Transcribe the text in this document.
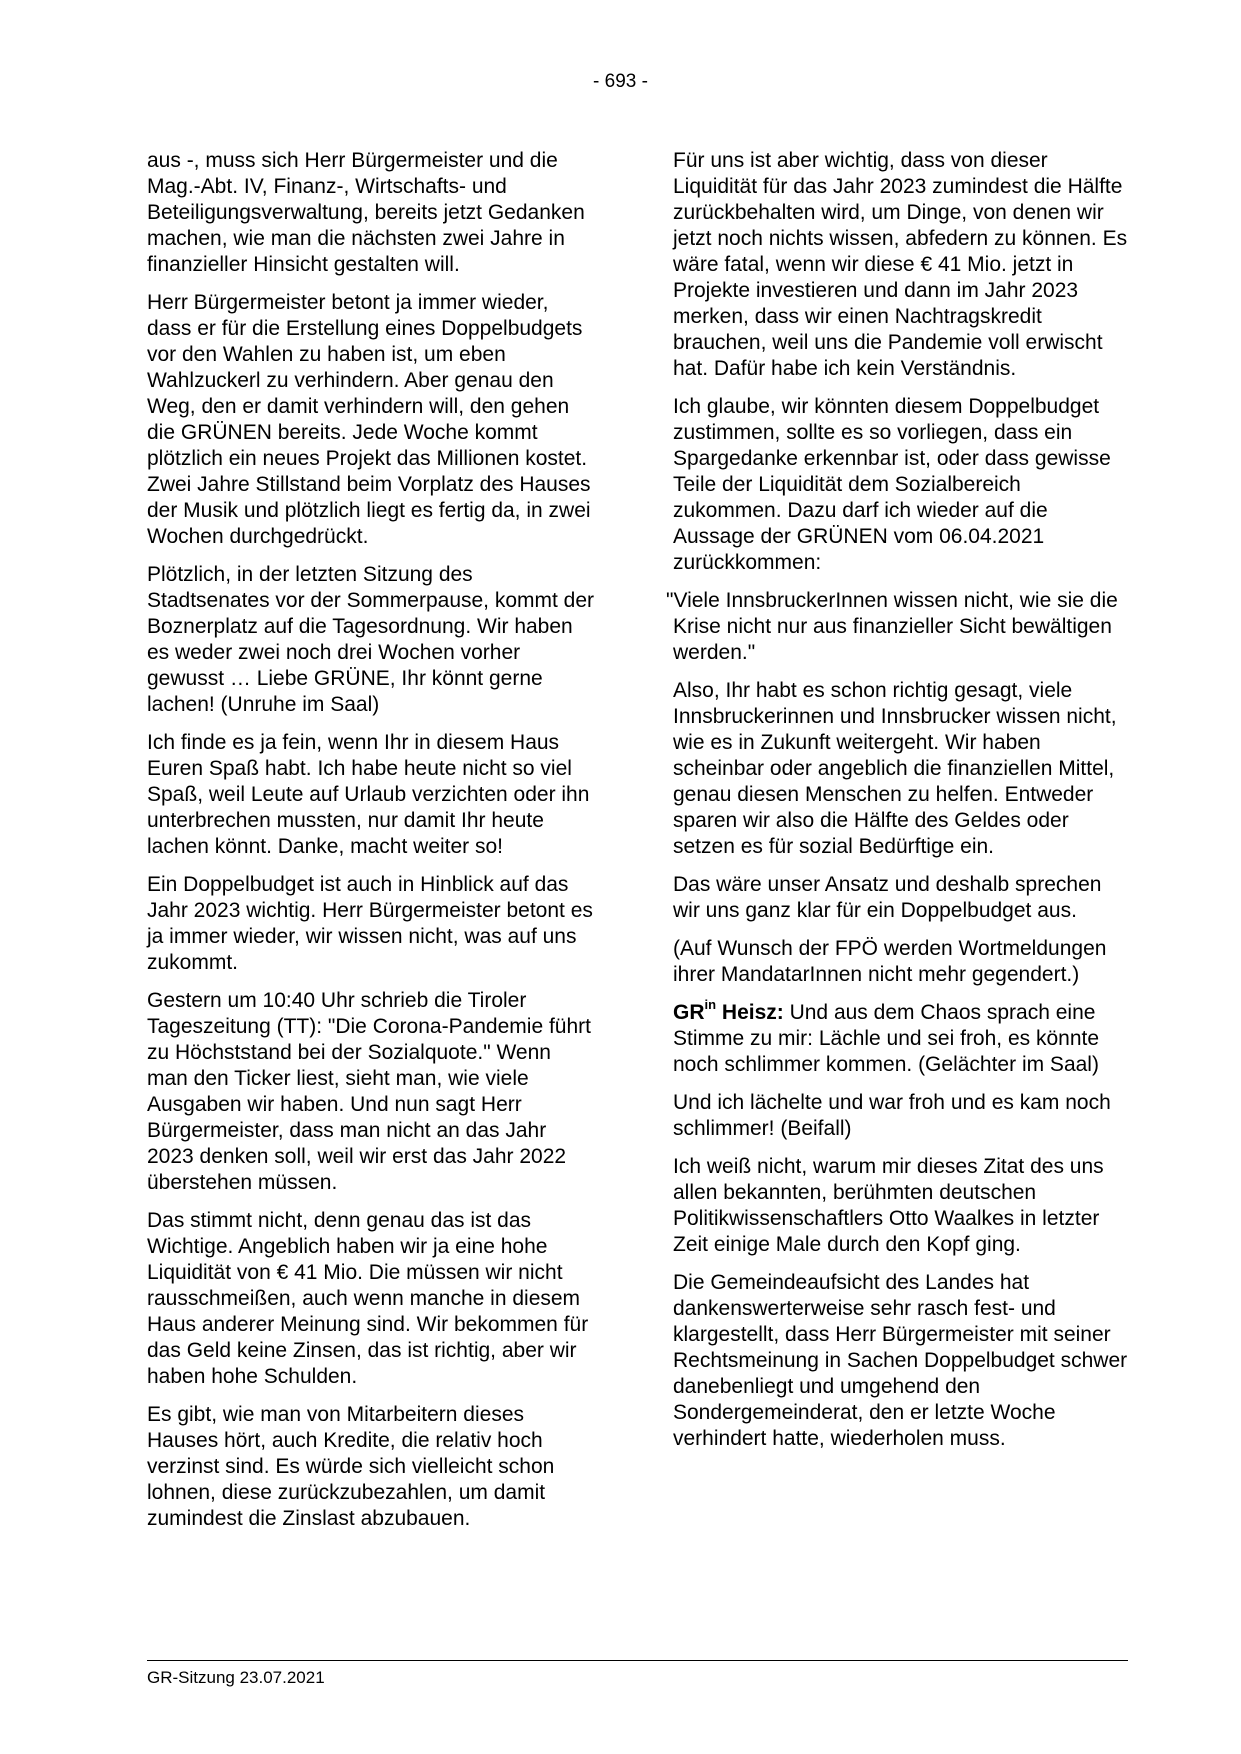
- 693 -

aus -, muss sich Herr Bürgermeister und die Mag.-Abt. IV, Finanz-, Wirtschafts- und Beteiligungsverwaltung, bereits jetzt Gedanken machen, wie man die nächsten zwei Jahre in finanzieller Hinsicht gestalten will.

Herr Bürgermeister betont ja immer wieder, dass er für die Erstellung eines Doppelbudgets vor den Wahlen zu haben ist, um eben Wahlzuckerl zu verhindern. Aber genau den Weg, den er damit verhindern will, den gehen die GRÜNEN bereits. Jede Woche kommt plötzlich ein neues Projekt das Millionen kostet. Zwei Jahre Stillstand beim Vorplatz des Hauses der Musik und plötzlich liegt es fertig da, in zwei Wochen durchgedrückt.

Plötzlich, in der letzten Sitzung des Stadtsenates vor der Sommerpause, kommt der Boznerplatz auf die Tagesordnung. Wir haben es weder zwei noch drei Wochen vorher gewusst … Liebe GRÜNE, Ihr könnt gerne lachen! (Unruhe im Saal)

Ich finde es ja fein, wenn Ihr in diesem Haus Euren Spaß habt. Ich habe heute nicht so viel Spaß, weil Leute auf Urlaub verzichten oder ihn unterbrechen mussten, nur damit Ihr heute lachen könnt. Danke, macht weiter so!

Ein Doppelbudget ist auch in Hinblick auf das Jahr 2023 wichtig. Herr Bürgermeister betont es ja immer wieder, wir wissen nicht, was auf uns zukommt.

Gestern um 10:40 Uhr schrieb die Tiroler Tageszeitung (TT): "Die Corona-Pandemie führt zu Höchststand bei der Sozialquote." Wenn man den Ticker liest, sieht man, wie viele Ausgaben wir haben. Und nun sagt Herr Bürgermeister, dass man nicht an das Jahr 2023 denken soll, weil wir erst das Jahr 2022 überstehen müssen.

Das stimmt nicht, denn genau das ist das Wichtige. Angeblich haben wir ja eine hohe Liquidität von € 41 Mio. Die müssen wir nicht rausschmeißen, auch wenn manche in diesem Haus anderer Meinung sind. Wir bekommen für das Geld keine Zinsen, das ist richtig, aber wir haben hohe Schulden.

Es gibt, wie man von Mitarbeitern dieses Hauses hört, auch Kredite, die relativ hoch verzinst sind. Es würde sich vielleicht schon lohnen, diese zurückzubezahlen, um damit zumindest die Zinslast abzubauen.

Für uns ist aber wichtig, dass von dieser Liquidität für das Jahr 2023 zumindest die Hälfte zurückbehalten wird, um Dinge, von denen wir jetzt noch nichts wissen, abfedern zu können. Es wäre fatal, wenn wir diese € 41 Mio. jetzt in Projekte investieren und dann im Jahr 2023 merken, dass wir einen Nachtragskredit brauchen, weil uns die Pandemie voll erwischt hat. Dafür habe ich kein Verständnis.

Ich glaube, wir könnten diesem Doppelbudget zustimmen, sollte es so vorliegen, dass ein Spargedanke erkennbar ist, oder dass gewisse Teile der Liquidität dem Sozialbereich zukommen. Dazu darf ich wieder auf die Aussage der GRÜNEN vom 06.04.2021 zurückkommen:

"Viele InnsbruckerInnen wissen nicht, wie sie die Krise nicht nur aus finanzieller Sicht bewältigen werden."

Also, Ihr habt es schon richtig gesagt, viele Innsbruckerinnen und Innsbrucker wissen nicht, wie es in Zukunft weitergeht. Wir haben scheinbar oder angeblich die finanziellen Mittel, genau diesen Menschen zu helfen. Entweder sparen wir also die Hälfte des Geldes oder setzen es für sozial Bedürftige ein.

Das wäre unser Ansatz und deshalb sprechen wir uns ganz klar für ein Doppelbudget aus.

(Auf Wunsch der FPÖ werden Wortmeldungen ihrer MandatarInnen nicht mehr gegendert.)

$GR^{in}$ Heisz: Und aus dem Chaos sprach eine Stimme zu mir: Lächle und sei froh, es könnte noch schlimmer kommen. (Gelächter im Saal)

Und ich lächelte und war froh und es kam noch schlimmer! (Beifall)

Ich weiß nicht, warum mir dieses Zitat des uns allen bekannten, berühmten deutschen Politikwissenschaftlers Otto Waalkes in letzter Zeit einige Male durch den Kopf ging.

Die Gemeindeaufsicht des Landes hat dankenswerterweise sehr rasch fest- und klargestellt, dass Herr Bürgermeister mit seiner Rechtsmeinung in Sachen Doppelbudget schwer danebenliegt und umgehend den Sondergemeinderat, den er letzte Woche verhindert hatte, wiederholen muss.

GR-Sitzung 23.07.2021
